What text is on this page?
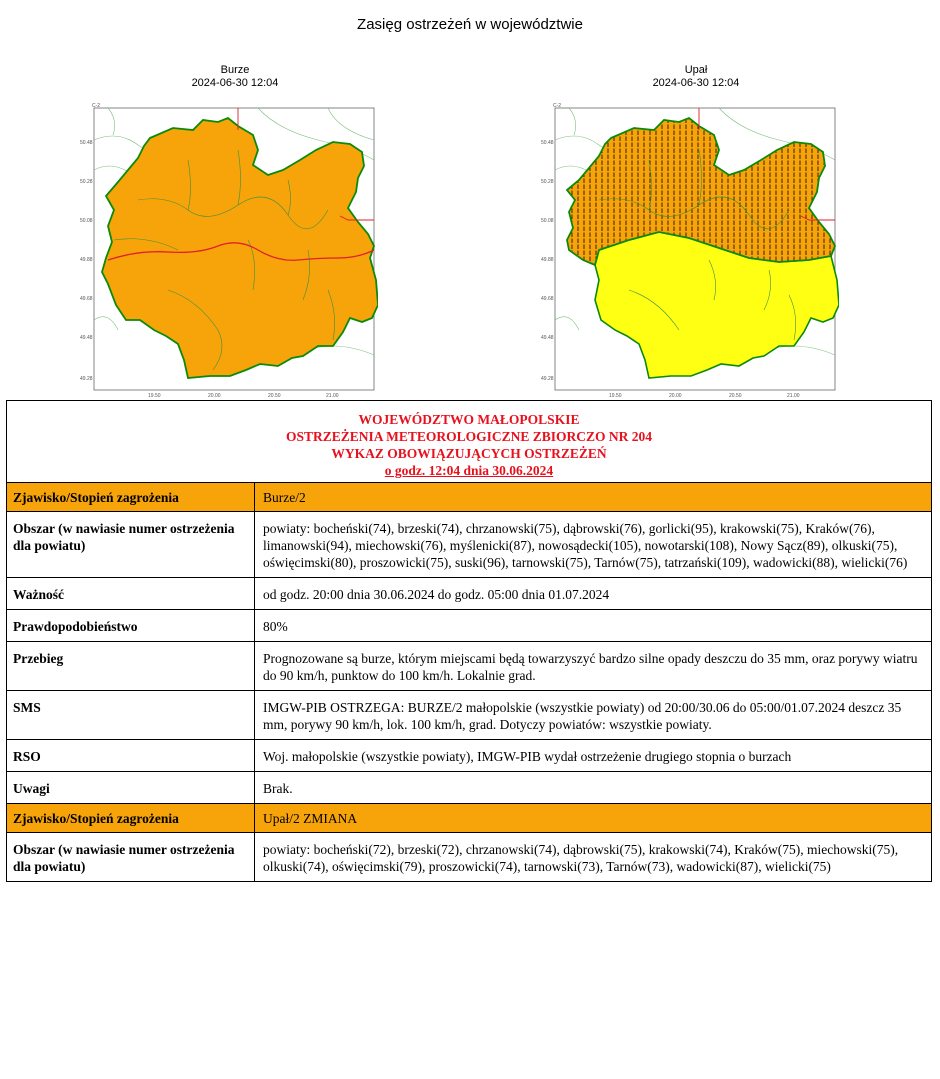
Zasięg ostrzeżeń w województwie
Burze
2024-06-30 12:04
C-2
50.48
50.28
50.08
49.88
49.68
49.48
49.28
19.50	20.00	20.50	21.00
Upał
2024-06-30 12:04
C-2
50.48
50.28
50.08
49.88
49.68
49.48
49.28
19.50	20.00	20.50	21.00
WOJEWÓDZTWO MAŁOPOLSKIE
OSTRZEŻENIA METEOROLOGICZNE ZBIORCZO NR 204
WYKAZ OBOWIĄZUJĄCYCH OSTRZEŻEŃ
o godz. 12:04 dnia 30.06.2024	

Zjawisko/Stopień zagrożenia	Burze/2
Obszar (w nawiasie numer ostrzeżenia dla powiatu)	powiaty: bocheński(74), brzeski(74), chrzanowski(75), dąbrowski(76), gorlicki(95), krakowski(75), Kraków(76), limanowski(94), miechowski(76), myślenicki(87), nowosądecki(105), nowotarski(108), Nowy Sącz(89), olkuski(75), oświęcimski(80), proszowicki(75), suski(96), tarnowski(75), Tarnów(75), tatrzański(109), wadowicki(88), wielicki(76)
Ważność	od godz. 20:00 dnia 30.06.2024 do godz. 05:00 dnia 01.07.2024
Prawdopodobieństwo	80%
Przebieg	Prognozowane są burze, którym miejscami będą towarzyszyć bardzo silne opady deszczu do 35 mm, oraz porywy wiatru do 90 km/h, punktow do 100 km/h. Lokalnie grad.
SMS	IMGW-PIB OSTRZEGA: BURZE/2 małopolskie (wszystkie powiaty) od 20:00/30.06 do 05:00/01.07.2024 deszcz 35 mm, porywy 90 km/h, lok. 100 km/h, grad. Dotyczy powiatów: wszystkie powiaty.
RSO	Woj. małopolskie (wszystkie powiaty), IMGW-PIB wydał ostrzeżenie drugiego stopnia o burzach
Uwagi	Brak.
Zjawisko/Stopień zagrożenia	Upał/2 ZMIANA
Obszar (w nawiasie numer ostrzeżenia dla powiatu)	powiaty: bocheński(72), brzeski(72), chrzanowski(74), dąbrowski(75), krakowski(74), Kraków(75), miechowski(75), olkuski(74), oświęcimski(79), proszowicki(74), tarnowski(73), Tarnów(73), wadowicki(87), wielicki(75)
